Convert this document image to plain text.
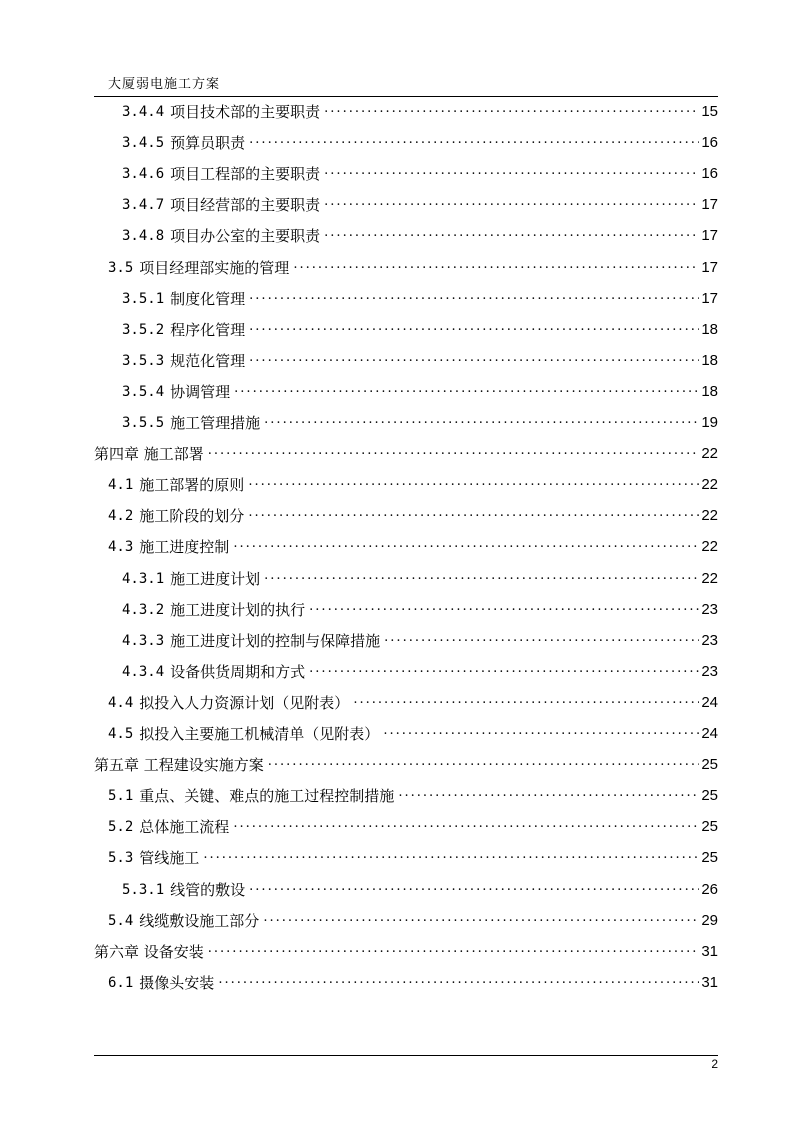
大厦弱电施工方案
3.4.4 项目技术部的主要职责 .....	15
3.4.5 预算员职责 .....	16
3.4.6 项目工程部的主要职责 .....	16
3.4.7 项目经营部的主要职责 .....	17
3.4.8 项目办公室的主要职责 .....	17
3.5 项目经理部实施的管理 .....	17
3.5.1 制度化管理 .....	17
3.5.2 程序化管理 .....	18
3.5.3 规范化管理 .....	18
3.5.4 协调管理 .....	18
3.5.5 施工管理措施 .....	19
第四章 施工部署 .....	22
4.1 施工部署的原则 .....	22
4.2 施工阶段的划分 .....	22
4.3 施工进度控制 .....	22
4.3.1 施工进度计划 .....	22
4.3.2 施工进度计划的执行 .....	23
4.3.3 施工进度计划的控制与保障措施 .....	23
4.3.4 设备供货周期和方式 .....	23
4.4 拟投入人力资源计划（见附表） .....	24
4.5 拟投入主要施工机械清单（见附表） .....	24
第五章 工程建设实施方案 .....	25
5.1 重点、关键、难点的施工过程控制措施 .....	25
5.2 总体施工流程 .....	25
5.3 管线施工 .....	25
5.3.1 线管的敷设 .....	26
5.4 线缆敷设施工部分 .....	29
第六章 设备安装 .....	31
6.1 摄像头安装 .....	31
2
